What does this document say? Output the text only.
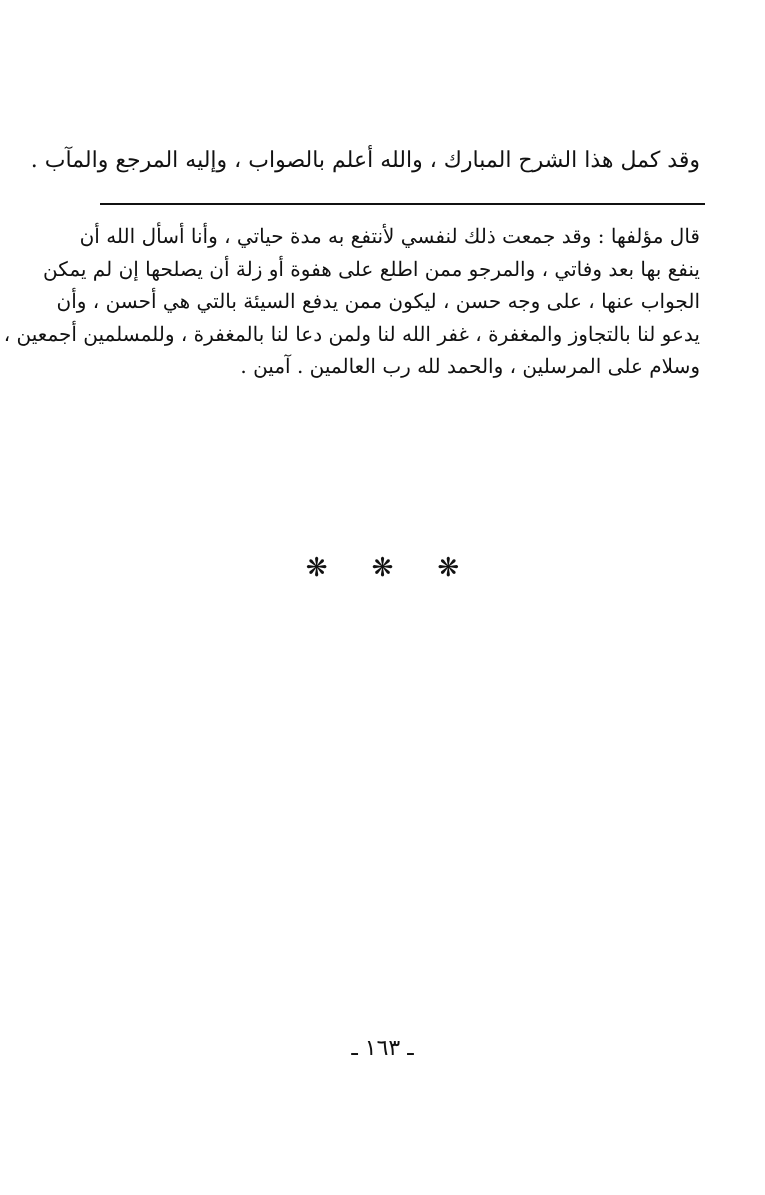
وقد كمل هذا الشرح المبارك ، والله أعلم بالصواب ، وإليه المرجع والمآب .
قال مؤلفها : وقد جمعت ذلك لنفسي لأنتفع به مدة حياتي ، وأنا أسأل الله أن
ينفع بها بعد وفاتي ، والمرجو ممن اطلع على هفوة أو زلة أن يصلحها إن لم يمكن
الجواب عنها ، على وجه حسن ، ليكون ممن يدفع السيئة بالتي هي أحسن ، وأن
يدعو لنا بالتجاوز والمغفرة ، غفر الله لنا ولمن دعا لنا بالمغفرة ، وللمسلمين أجمعين ،
وسلام على المرسلين ، والحمد لله رب العالمين . آمين .
❋ ❋ ❋
ـ ١٦٣ ـ
